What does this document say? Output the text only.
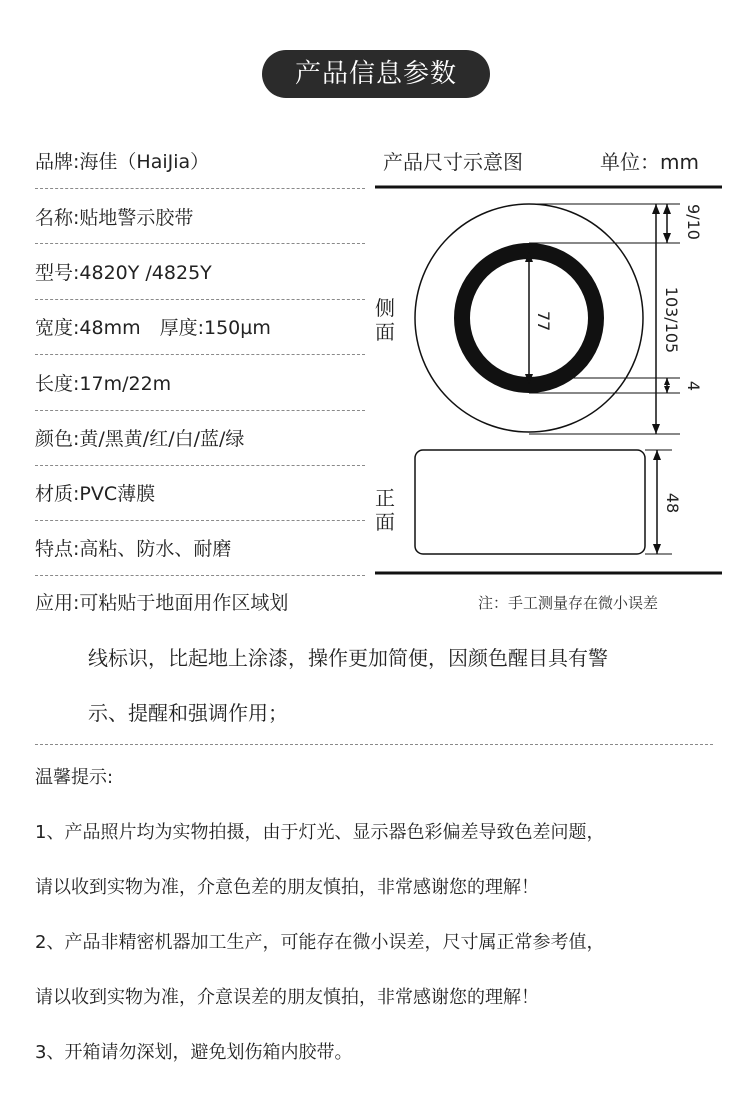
产品信息参数
品牌:海佳（HaiJia）
名称:贴地警示胶带
型号:4820Y /4825Y
宽度:48mm　厚度:150µm
长度:17m/22m
颜色:黄/黑黄/红/白/蓝/绿
材质:PVC薄膜
特点:高粘、防水、耐磨
产品尺寸示意图	单位：mm
9/10
103/105
77
4
48
侧面
正面
注：手工测量存在微小误差
应用:可粘贴于地面用作区域划
线标识，比起地上涂漆，操作更加简便，因颜色醒目具有警
示、提醒和强调作用；
温馨提示:
1、产品照片均为实物拍摄，由于灯光、显示器色彩偏差导致色差问题，
请以收到实物为准，介意色差的朋友慎拍，非常感谢您的理解！
2、产品非精密机器加工生产，可能存在微小误差，尺寸属正常参考值，
请以收到实物为准，介意误差的朋友慎拍，非常感谢您的理解！
3、开箱请勿深划，避免划伤箱内胶带。
